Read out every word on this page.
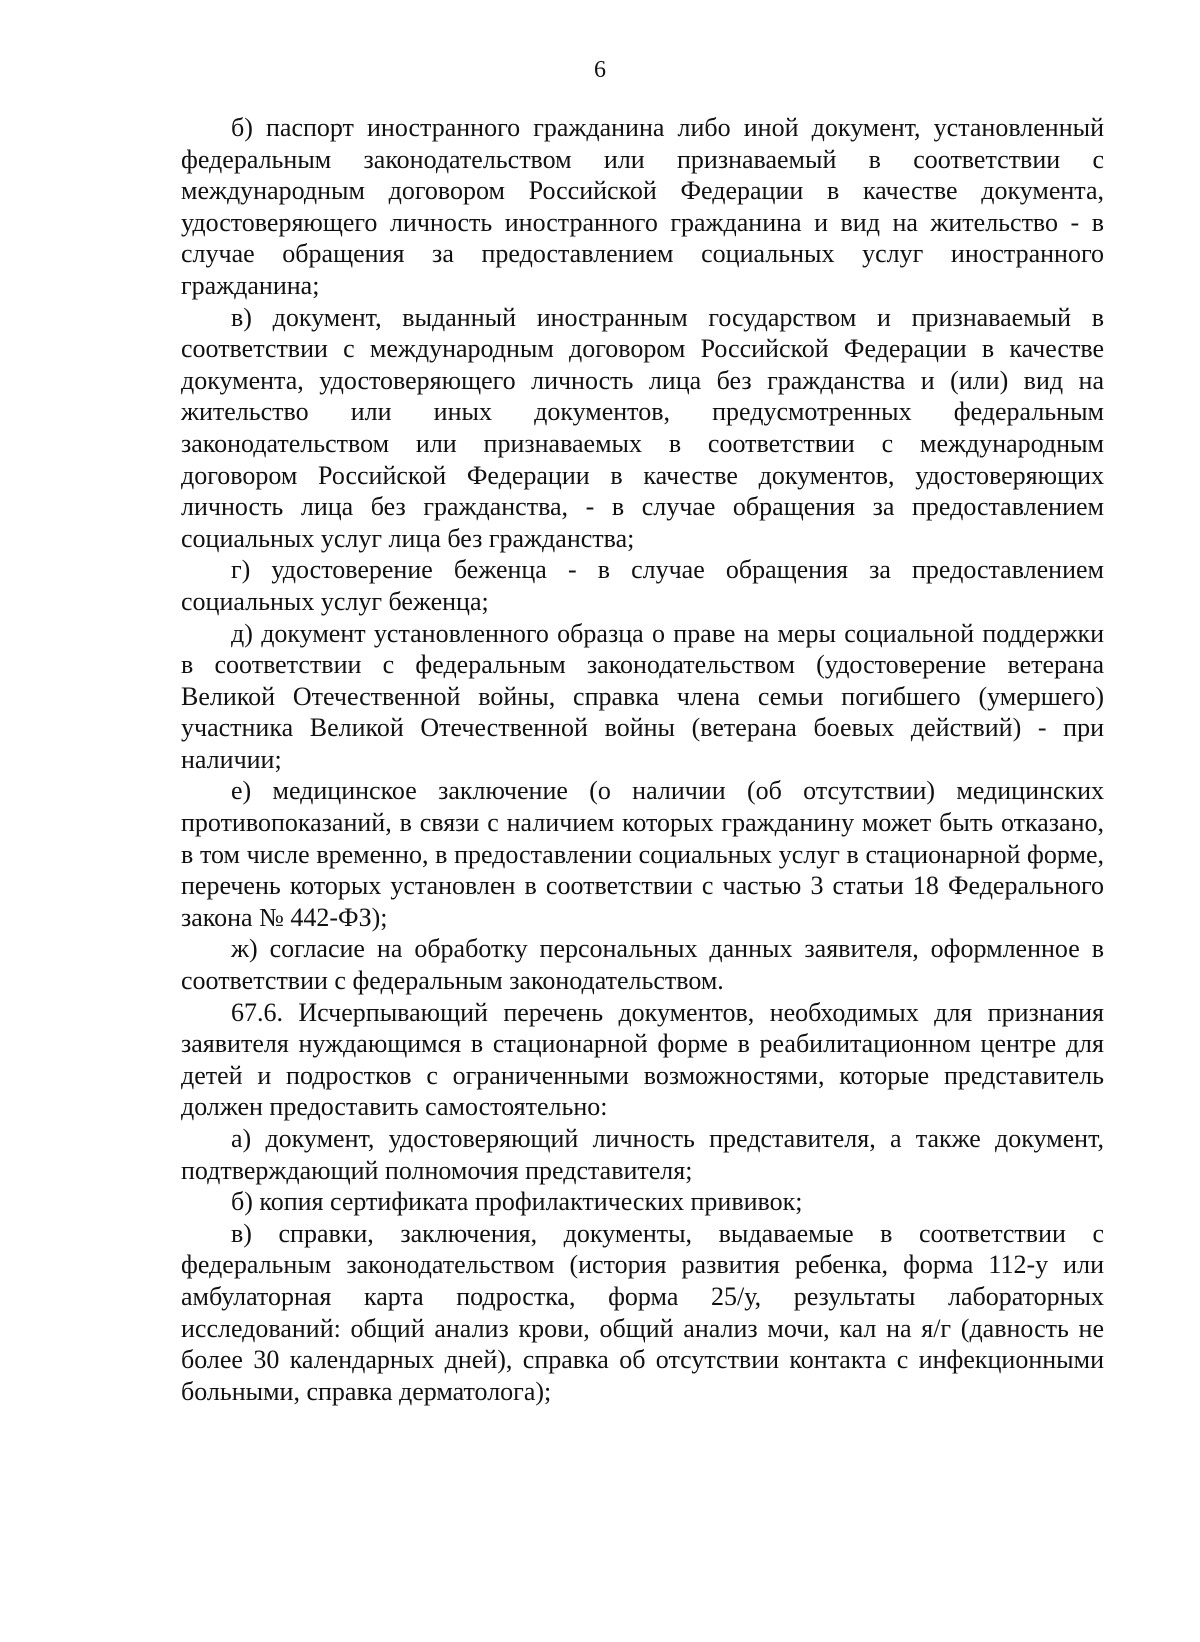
6

б) паспорт иностранного гражданина либо иной документ, установленный федеральным законодательством или признаваемый в соответствии с международным договором Российской Федерации в качестве документа, удостоверяющего личность иностранного гражданина и вид на жительство - в случае обращения за предоставлением социальных услуг иностранного гражданина;

в) документ, выданный иностранным государством и признаваемый в соответствии с международным договором Российской Федерации в качестве документа, удостоверяющего личность лица без гражданства и (или) вид на жительство или иных документов, предусмотренных федеральным законодательством или признаваемых в соответствии с международным договором Российской Федерации в качестве документов, удостоверяющих личность лица без гражданства, - в случае обращения за предоставлением социальных услуг лица без гражданства;

г) удостоверение беженца - в случае обращения за предоставлением социальных услуг беженца;

д) документ установленного образца о праве на меры социальной поддержки в соответствии с федеральным законодательством (удостоверение ветерана Великой Отечественной войны, справка члена семьи погибшего (умершего) участника Великой Отечественной войны (ветерана боевых действий) - при наличии;

е) медицинское заключение (о наличии (об отсутствии) медицинских противопоказаний, в связи с наличием которых гражданину может быть отказано, в том числе временно, в предоставлении социальных услуг в стационарной форме, перечень которых установлен в соответствии с частью 3 статьи 18 Федерального закона № 442-ФЗ);

ж) согласие на обработку персональных данных заявителя, оформленное в соответствии с федеральным законодательством.

67.6. Исчерпывающий перечень документов, необходимых для признания заявителя нуждающимся в стационарной форме в реабилитационном центре для детей и подростков с ограниченными возможностями, которые представитель должен предоставить самостоятельно:

а) документ, удостоверяющий личность представителя, а также документ, подтверждающий полномочия представителя;

б) копия сертификата профилактических прививок;

в) справки, заключения, документы, выдаваемые в соответствии с федеральным законодательством (история развития ребенка, форма 112-у или амбулаторная карта подростка, форма 25/у, результаты лабораторных исследований: общий анализ крови, общий анализ мочи, кал на я/г (давность не более 30 календарных дней), справка об отсутствии контакта с инфекционными больными, справка дерматолога);
